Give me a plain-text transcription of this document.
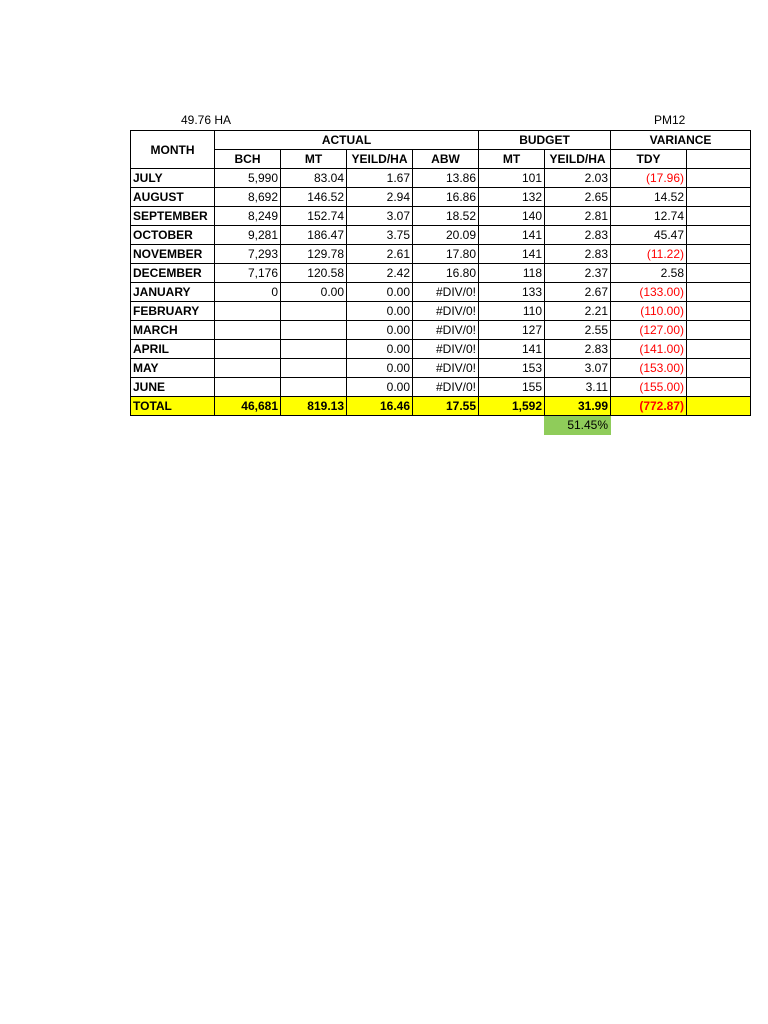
49.76 HA	PM12
MONTH	ACTUAL				BUDGET		VARIANCE	
	BCH	MT	YEILD/HA	ABW	MT	YEILD/HA	TDY	
JULY	5,990	83.04	1.67	13.86	101	2.03	(17.96)	
AUGUST	8,692	146.52	2.94	16.86	132	2.65	14.52	
SEPTEMBER	8,249	152.74	3.07	18.52	140	2.81	12.74	
OCTOBER	9,281	186.47	3.75	20.09	141	2.83	45.47	
NOVEMBER	7,293	129.78	2.61	17.80	141	2.83	(11.22)	
DECEMBER	7,176	120.58	2.42	16.80	118	2.37	2.58	
JANUARY	0	0.00	0.00	#DIV/0!	133	2.67	(133.00)	
FEBRUARY			0.00	#DIV/0!	110	2.21	(110.00)	
MARCH			0.00	#DIV/0!	127	2.55	(127.00)	
APRIL			0.00	#DIV/0!	141	2.83	(141.00)	
MAY			0.00	#DIV/0!	153	3.07	(153.00)	
JUNE			0.00	#DIV/0!	155	3.11	(155.00)	
TOTAL	46,681	819.13	16.46	17.55	1,592	31.99	(772.87)	
						51.45%		
